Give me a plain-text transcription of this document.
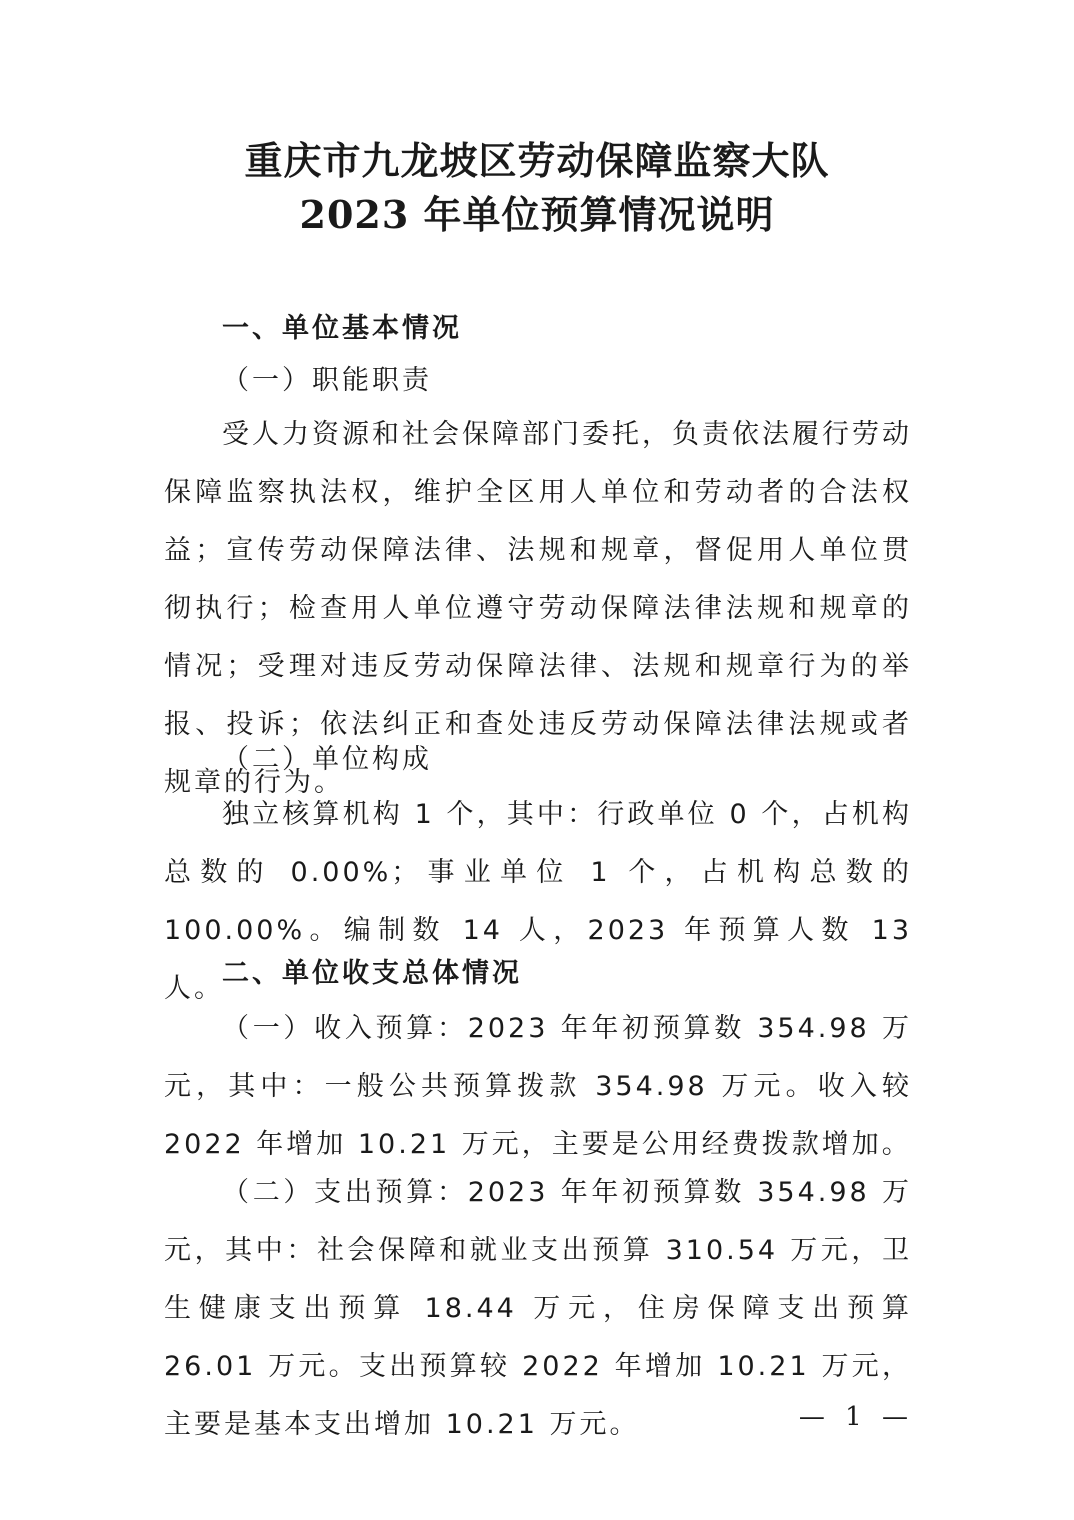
重庆市九龙坡区劳动保障监察大队
2023 年单位预算情况说明
一、单位基本情况
（一）职能职责
受人力资源和社会保障部门委托，负责依法履行劳动保障监察执法权，维护全区用人单位和劳动者的合法权益；宣传劳动保障法律、法规和规章，督促用人单位贯彻执行；检查用人单位遵守劳动保障法律法规和规章的情况；受理对违反劳动保障法律、法规和规章行为的举报、投诉；依法纠正和查处违反劳动保障法律法规或者规章的行为。
（二）单位构成
独立核算机构 1 个，其中：行政单位 0 个，占机构总数的 0.00%；事业单位 1 个，占机构总数的 100.00%。编制数 14 人，2023 年预算人数 13 人。
二、单位收支总体情况
（一）收入预算：2023 年年初预算数 354.98 万元，其中：一般公共预算拨款 354.98 万元。收入较 2022 年增加 10.21 万元，主要是公用经费拨款增加。
（二）支出预算：2023 年年初预算数 354.98 万元，其中：社会保障和就业支出预算 310.54 万元，卫生健康支出预算 18.44 万元，住房保障支出预算 26.01 万元。支出预算较 2022 年增加 10.21 万元，主要是基本支出增加 10.21 万元。	— 1 —
